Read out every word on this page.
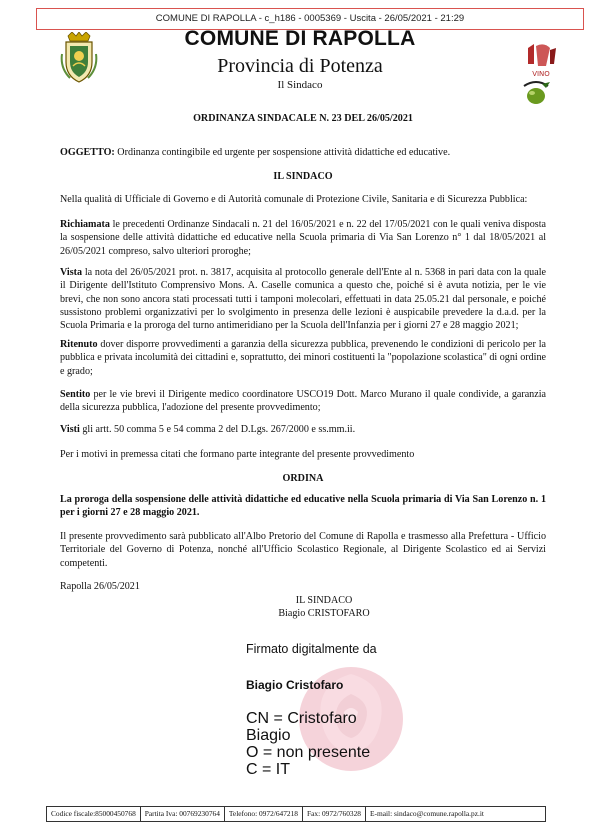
COMUNE DI RAPOLLA - c_h186 - 0005369 - Uscita - 26/05/2021 - 21:29
VINO
COMUNE DI RAPOLLA
Provincia di Potenza
Il Sindaco
ORDINANZA SINDACALE N. 23 DEL 26/05/2021
OGGETTO: Ordinanza contingibile ed urgente per sospensione attività didattiche ed educative.
IL SINDACO
Nella qualità di Ufficiale di Governo e di Autorità comunale di Protezione Civile, Sanitaria e di Sicurezza Pubblica:
Richiamata le precedenti Ordinanze Sindacali n. 21 del 16/05/2021 e n. 22 del 17/05/2021 con le quali veniva disposta la sospensione delle attività didattiche ed educative nella Scuola primaria di Via San Lorenzo n° 1 dal 18/05/2021 al 26/05/2021 compreso, salvo ulteriori proroghe;
Vista la nota del 26/05/2021 prot. n. 3817, acquisita al protocollo generale dell'Ente al n. 5368 in pari data con la quale il Dirigente dell'Istituto Comprensivo Mons. A. Caselle comunica a questo che, poiché si è avuta notizia, per le vie brevi, che non sono ancora stati processati tutti i tamponi molecolari, effettuati in data 25.05.21 dal personale, e poiché sussistono problemi organizzativi per lo svolgimento in presenza delle lezioni è auspicabile prevedere la d.a.d. per la Scuola Primaria e la proroga del turno antimeridiano per la Scuola dell'Infanzia per i giorni 27 e 28 maggio 2021;
Ritenuto dover disporre provvedimenti a garanzia della sicurezza pubblica, prevenendo le condizioni di pericolo per la pubblica e privata incolumità dei cittadini e, soprattutto, dei minori costituenti la "popolazione scolastica" di ogni ordine e grado;
Sentito per le vie brevi il Dirigente medico coordinatore USCO19 Dott. Marco Murano il quale condivide, a garanzia della sicurezza pubblica, l'adozione del presente provvedimento;
Visti gli artt. 50 comma 5 e 54 comma 2 del D.Lgs. 267/2000 e ss.mm.ii.
Per i motivi in premessa citati che formano parte integrante del presente provvedimento
ORDINA
La proroga della sospensione delle attività didattiche ed educative nella Scuola primaria di Via San Lorenzo n. 1 per i giorni 27 e 28 maggio 2021.
Il presente provvedimento sarà pubblicato all'Albo Pretorio del Comune di Rapolla e trasmesso alla Prefettura - Ufficio Territoriale del Governo di Potenza, nonché all'Ufficio Scolastico Regionale, al Dirigente Scolastico ed ai Servizi competenti.
Rapolla 26/05/2021
IL SINDACO
Biagio CRISTOFARO
Firmato digitalmente da
Biagio Cristofaro
CN = Cristofaro
Biagio
O = non presente
C = IT
Codice fiscale:85000450768	Partita Iva: 00769230764	Telefono: 0972/647218	Fax: 0972/760328	E-mail: sindaco@comune.rapolla.pz.it
